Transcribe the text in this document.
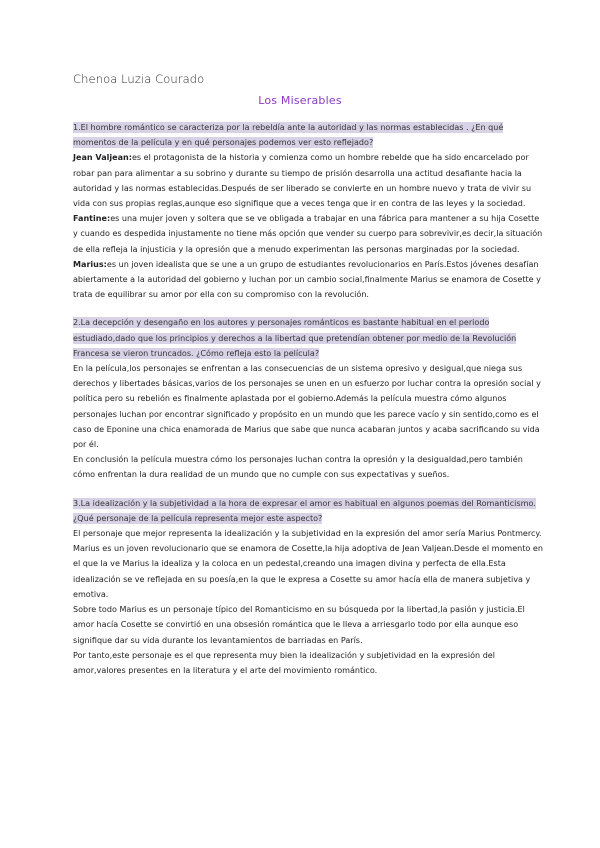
Chenoa Luzia Courado
Los Miserables

1.El hombre romántico se caracteriza por la rebeldía ante la autoridad y las normas establecidas . ¿En qué momentos de la película y en qué personajes podemos ver esto reflejado?

Jean Valjean:es el protagonista de la historia y comienza como un hombre rebelde que ha sido encarcelado por robar pan para alimentar a su sobrino y durante su tiempo de prisión desarrolla una actitud desafiante hacia la autoridad y las normas establecidas.Después de ser liberado se convierte en un hombre nuevo y trata de vivir su vida con sus propias reglas,aunque eso signifique que a veces tenga que ir en contra de las leyes y la sociedad.

Fantine:es una mujer joven y soltera que se ve obligada a trabajar en una fábrica para mantener a su hija Cosette y cuando es despedida injustamente no tiene más opción que vender su cuerpo para sobrevivir,es decir,la situación de ella refleja la injusticia y la opresión que a menudo experimentan las personas marginadas por la sociedad.

Marius:es un joven idealista que se une a un grupo de estudiantes revolucionarios en París.Estos jóvenes desafían abiertamente a la autoridad del gobierno y luchan por un cambio social,finalmente Marius se enamora de Cosette y trata de equilibrar su amor por ella con su compromiso con la revolución.

2.La decepción y desengaño en los autores y personajes románticos es bastante habitual en el periodo estudiado,dado que los principios y derechos a la libertad que pretendían obtener por medio de la Revolución Francesa se vieron truncados. ¿Cómo refleja esto la película?

En la película,los personajes se enfrentan a las consecuencias de un sistema opresivo y desigual,que niega sus derechos y libertades básicas,varios de los personajes se unen en un esfuerzo por luchar contra la opresión social y política pero su rebelión es finalmente aplastada por el gobierno.Además la película muestra cómo algunos personajes luchan por encontrar significado y propósito en un mundo que les parece vacío y sin sentido,como es el caso de Eponine una chica enamorada de Marius que sabe que nunca acabaran juntos y acaba sacrificando su vida por él.

En conclusión la película muestra cómo los personajes luchan contra la opresión y la desigualdad,pero también cómo enfrentan la dura realidad de un mundo que no cumple con sus expectativas y sueños.

3.La idealización y la subjetividad a la hora de expresar el amor es habitual en algunos poemas del Romanticismo.¿Qué personaje de la película representa mejor este aspecto?

El personaje que mejor representa la idealización y la subjetividad en la expresión del amor sería Marius Pontmercy.

Marius es un joven revolucionario que se enamora de Cosette,la hija adoptiva de Jean Valjean.Desde el momento en el que la ve Marius la idealiza y la coloca en un pedestal,creando una imagen divina y perfecta de ella.Esta idealización se ve reflejada en su poesía,en la que le expresa a Cosette su amor hacía ella de manera subjetiva y emotiva.

Sobre todo Marius es un personaje típico del Romanticismo en su búsqueda por la libertad,la pasión y justicia.El amor hacía Cosette se convirtió en una obsesión romántica que le lleva a arriesgarlo todo por ella aunque eso signifique dar su vida durante los levantamientos de barriadas en París.

Por tanto,este personaje es el que representa muy bien la idealización y subjetividad en la expresión del amor,valores presentes en la literatura y el arte del movimiento romántico.
